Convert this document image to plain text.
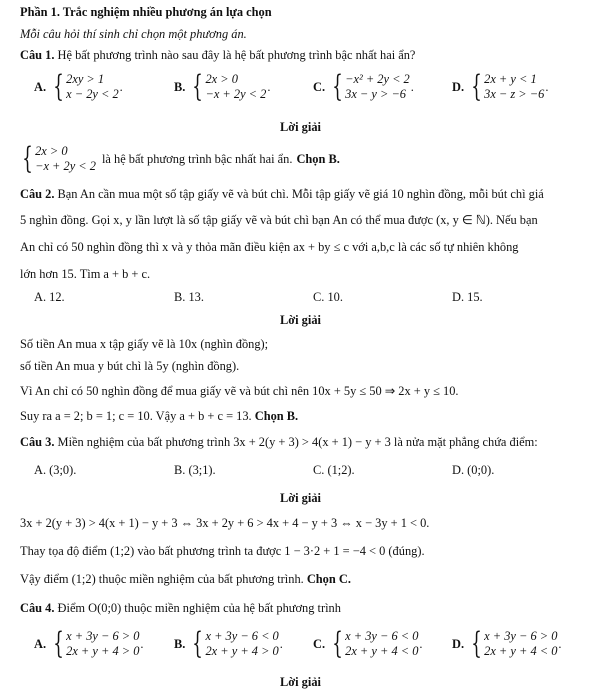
Phần 1. Trắc nghiệm nhiều phương án lựa chọn
Mỗi câu hỏi thí sinh chỉ chọn một phương án.
Câu 1. Hệ bất phương trình nào sau đây là hệ bất phương trình bậc nhất hai ẩn?
A. { 2xy > 1
x − 2y < 2
.	B. { 2x > 0
−x + 2y < 2
.	C. { −x² + 2y < 2
3x − y > −6
.	D. { 2x + y < 1
3x − z > −6
.
Lời giải
{ 2x > 0
−x + 2y < 2
là hệ bất phương trình bậc nhất hai ẩn. Chọn B.
Câu 2. Bạn An cần mua một số tập giấy vẽ và bút chì. Mỗi tập giấy vẽ giá 10 nghìn đồng, mỗi bút chì giá
5 nghìn đồng. Gọi x, y lần lượt là số tập giấy vẽ và bút chì bạn An có thể mua được (x, y ∈ ℕ). Nếu bạn
An chỉ có 50 nghìn đồng thì x và y thỏa mãn điều kiện ax + by ≤ c với a,b,c là các số tự nhiên không
lớn hơn 15. Tìm a + b + c.
A. 12.	B. 13.	C. 10.	D. 15.
Lời giải
Số tiền An mua x tập giấy vẽ là 10x (nghìn đồng);
số tiền An mua y bút chì là 5y (nghìn đồng).
Vì An chỉ có 50 nghìn đồng để mua giấy vẽ và bút chì nên 10x + 5y ≤ 50 ⇒ 2x + y ≤ 10.
Suy ra a = 2; b = 1; c = 10. Vậy a + b + c = 13. Chọn B.
Câu 3. Miền nghiệm của bất phương trình 3x + 2(y + 3) > 4(x + 1) − y + 3 là nửa mặt phẳng chứa điểm:
A. (3;0).	B. (3;1).	C. (1;2).	D. (0;0).
Lời giải
3x + 2(y + 3) > 4(x + 1) − y + 3 ⇔ 3x + 2y + 6 > 4x + 4 − y + 3 ⇔ x − 3y + 1 < 0.
Thay tọa độ điểm (1;2) vào bất phương trình ta được 1 − 3·2 + 1 = −4 < 0 (đúng).
Vậy điểm (1;2) thuộc miền nghiệm của bất phương trình. Chọn C.
Câu 4. Điểm O(0;0) thuộc miền nghiệm của hệ bất phương trình
A. { x + 3y − 6 > 0
2x + y + 4 > 0
. B. { x + 3y − 6 < 0
2x + y + 4 > 0
. C. { x + 3y − 6 < 0
2x + y + 4 < 0
. D. { x + 3y − 6 > 0
2x + y + 4 < 0
.
Lời giải
